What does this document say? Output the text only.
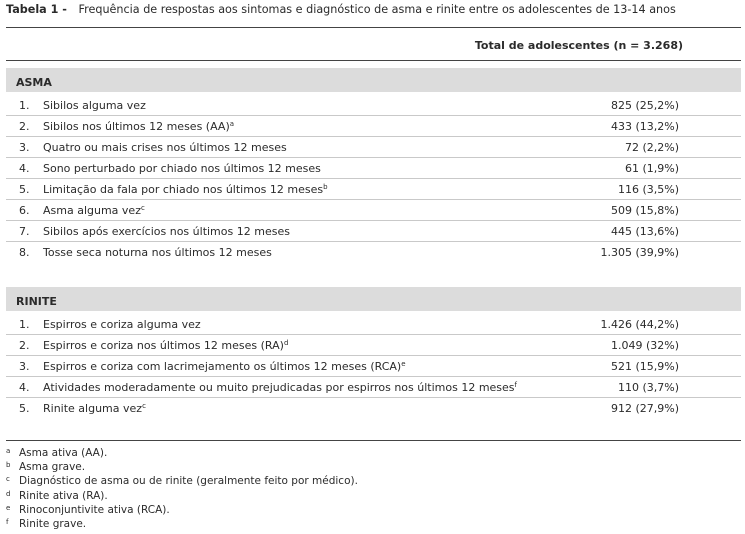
Tabela 1 - Frequência de respostas aos sintomas e diagnóstico de asma e rinite entre os adolescentes de 13-14 anos
Total de adolescentes (n = 3.268)
ASMA
1. Sibilos alguma vez	825 (25,2%)
2. Sibilos nos últimos 12 meses (AA)$^a$	433 (13,2%)
3. Quatro ou mais crises nos últimos 12 meses	72 (2,2%)
4. Sono perturbado por chiado nos últimos 12 meses	61 (1,9%)
5. Limitação da fala por chiado nos últimos 12 meses$^b$	116 (3,5%)
6. Asma alguma vez$^c$	509 (15,8%)
7. Sibilos após exercícios nos últimos 12 meses	445 (13,6%)
8. Tosse seca noturna nos últimos 12 meses	1.305 (39,9%)
RINITE
1. Espirros e coriza alguma vez	1.426 (44,2%)
2. Espirros e coriza nos últimos 12 meses (RA)$^d$	1.049 (32%)
3. Espirros e coriza com lacrimejamento os últimos 12 meses (RCA)$^e$	521 (15,9%)
4. Atividades moderadamente ou muito prejudicadas por espirros nos últimos 12 meses$^f$	110 (3,7%)
5. Rinite alguma vez$^c$	912 (27,9%)
a Asma ativa (AA).
b Asma grave.
c Diagnóstico de asma ou de rinite (geralmente feito por médico).
d Rinite ativa (RA).
e Rinoconjuntivite ativa (RCA).
f Rinite grave.
